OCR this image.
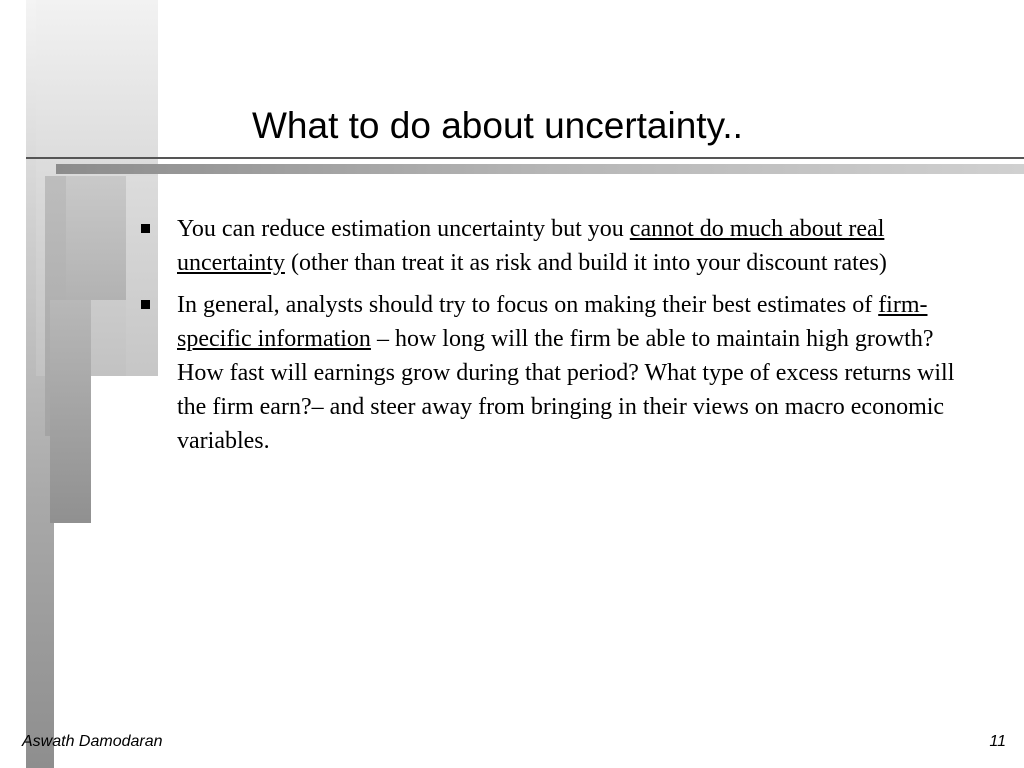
What to do about uncertainty..
You can reduce estimation uncertainty but you cannot do much about real uncertainty (other than treat it as risk and build it into your discount rates)
In general, analysts should try to focus on making their best estimates of firm-specific information – how long will the firm be able to maintain high growth? How fast will earnings grow during that period? What type of excess returns will the firm earn?– and steer away from bringing in their views on macro economic variables.
Aswath Damodaran	11
